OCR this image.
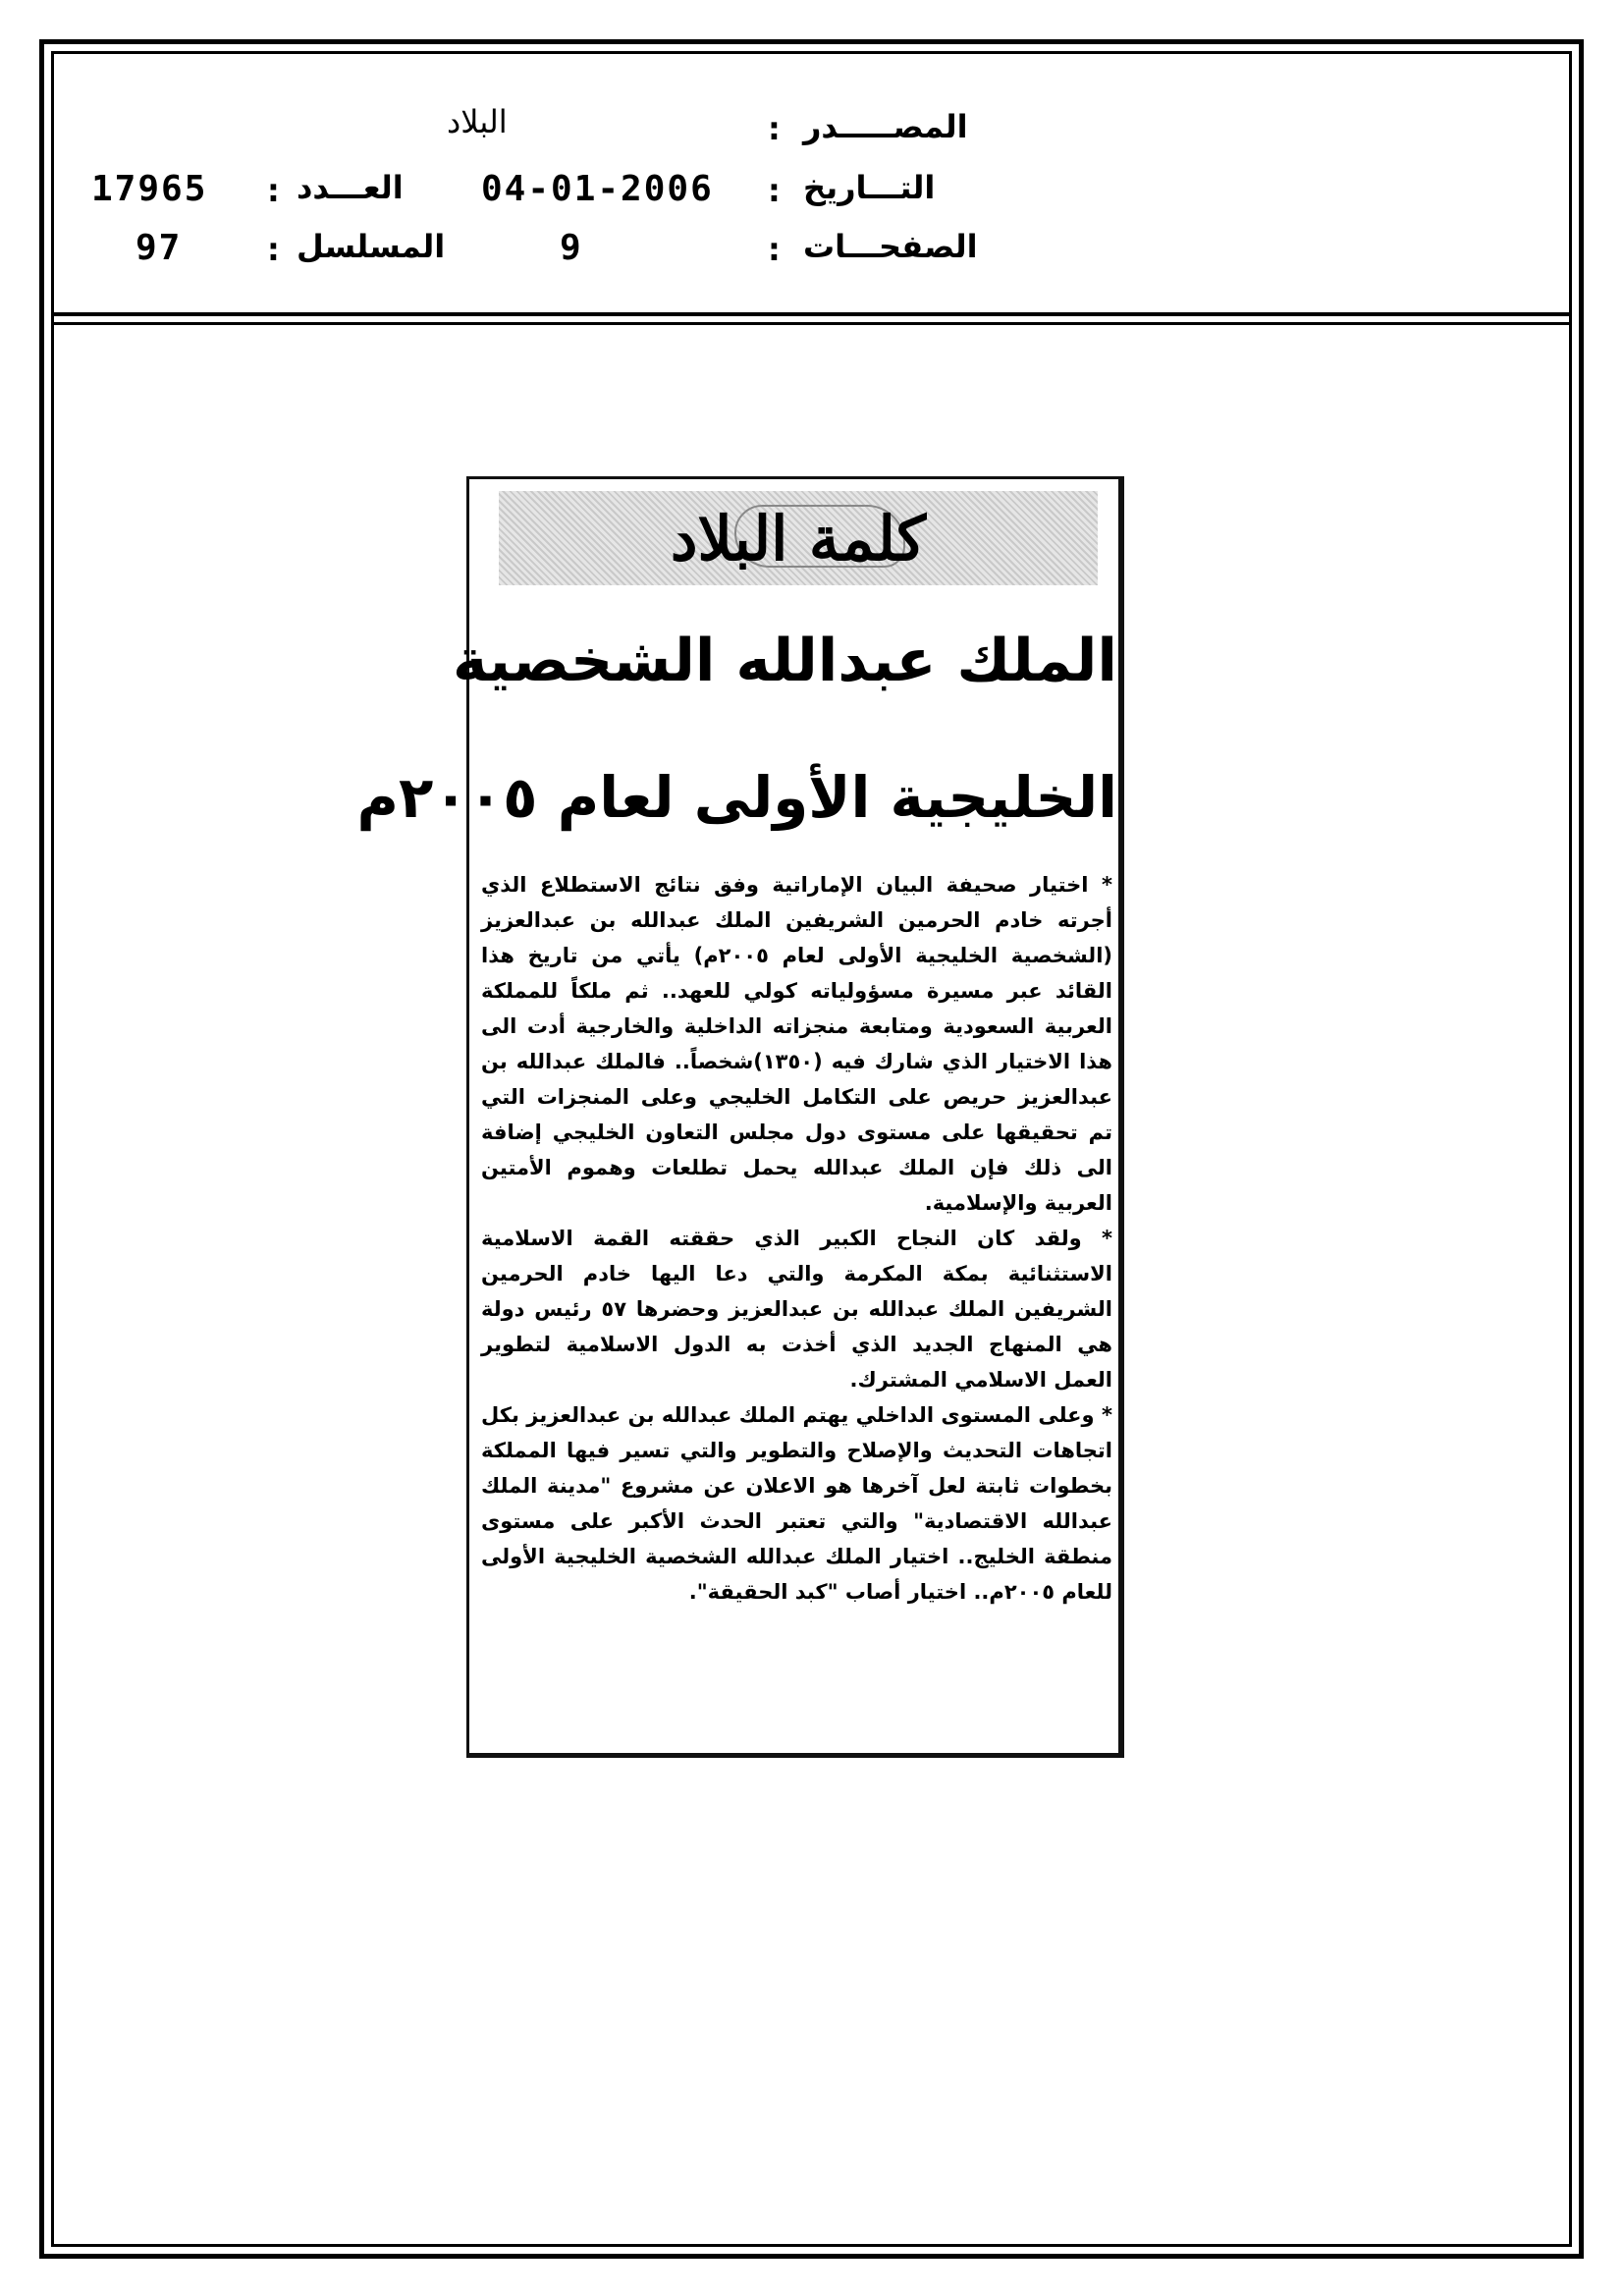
البلاد	: المصـــــدر
17965 : العـــدد 04-01-2006 : التـــاريخ
97	: المسلسل	9	: الصفحـــات
كلمة البلاد
الملك عبدالله الشخصية
الخليجية الأولى لعام ٢٠٠٥م

* اختيار صحيفة البيان الإماراتية وفق نتائج الاستطلاع الذي أجرته خادم الحرمين الشريفين الملك عبدالله بن عبدالعزيز (الشخصية الخليجية الأولى لعام ٢٠٠٥م) يأتي من تاريخ هذا القائد عبر مسيرة مسؤولياته كولي للعهد.. ثم ملكاً للمملكة العربية السعودية ومتابعة منجزاته الداخلية والخارجية أدت الى هذا الاختيار الذي شارك فيه (١٣٥٠)شخصاً.. فالملك عبدالله بن عبدالعزيز حريص على التكامل الخليجي وعلى المنجزات التي تم تحقيقها على مستوى دول مجلس التعاون الخليجي إضافة الى ذلك فإن الملك عبدالله يحمل تطلعات وهموم الأمتين العربية والإسلامية.

* ولقد كان النجاح الكبير الذي حققته القمة الاسلامية الاستثنائية بمكة المكرمة والتي دعا اليها خادم الحرمين الشريفين الملك عبدالله بن عبدالعزيز وحضرها ٥٧ رئيس دولة هي المنهاج الجديد الذي أخذت به الدول الاسلامية لتطوير العمل الاسلامي المشترك.

* وعلى المستوى الداخلي يهتم الملك عبدالله بن عبدالعزيز بكل اتجاهات التحديث والإصلاح والتطوير والتي تسير فيها المملكة بخطوات ثابتة لعل آخرها هو الاعلان عن مشروع "مدينة الملك عبدالله الاقتصادية" والتي تعتبر الحدث الأكبر على مستوى منطقة الخليج.. اختيار الملك عبدالله الشخصية الخليجية الأولى للعام ٢٠٠٥م.. اختيار أصاب "كبد الحقيقة".
